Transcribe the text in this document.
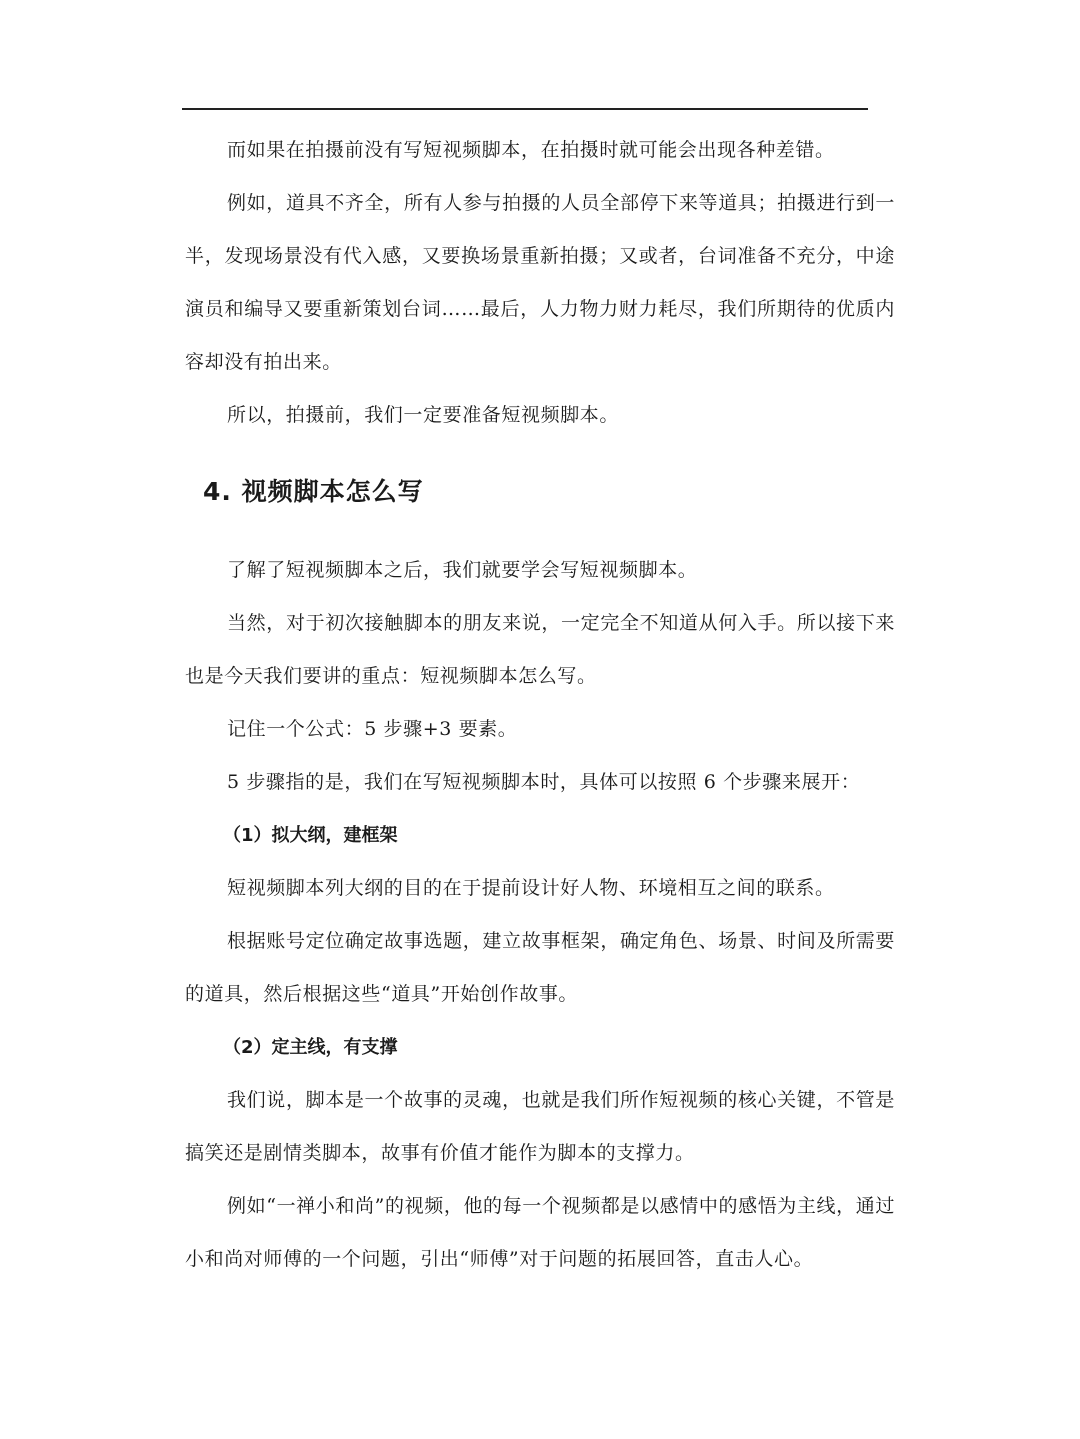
而如果在拍摄前没有写短视频脚本，在拍摄时就可能会出现各种差错。

例如，道具不齐全，所有人参与拍摄的人员全部停下来等道具；拍摄进行到一半，发现场景没有代入感，又要换场景重新拍摄；又或者，台词准备不充分，中途演员和编导又要重新策划台词……最后，人力物力财力耗尽，我们所期待的优质内容却没有拍出来。

所以，拍摄前，我们一定要准备短视频脚本。

4. 视频脚本怎么写

了解了短视频脚本之后，我们就要学会写短视频脚本。

当然，对于初次接触脚本的朋友来说，一定完全不知道从何入手。所以接下来也是今天我们要讲的重点：短视频脚本怎么写。

记住一个公式：5 步骤+3 要素。

5 步骤指的是，我们在写短视频脚本时，具体可以按照 6 个步骤来展开：

（1）拟大纲，建框架

短视频脚本列大纲的目的在于提前设计好人物、环境相互之间的联系。

根据账号定位确定故事选题，建立故事框架，确定角色、场景、时间及所需要的道具，然后根据这些“道具”开始创作故事。

（2）定主线，有支撑

我们说，脚本是一个故事的灵魂，也就是我们所作短视频的核心关键，不管是搞笑还是剧情类脚本，故事有价值才能作为脚本的支撑力。

例如“一禅小和尚”的视频，他的每一个视频都是以感情中的感悟为主线，通过小和尚对师傅的一个问题，引出“师傅”对于问题的拓展回答，直击人心。
